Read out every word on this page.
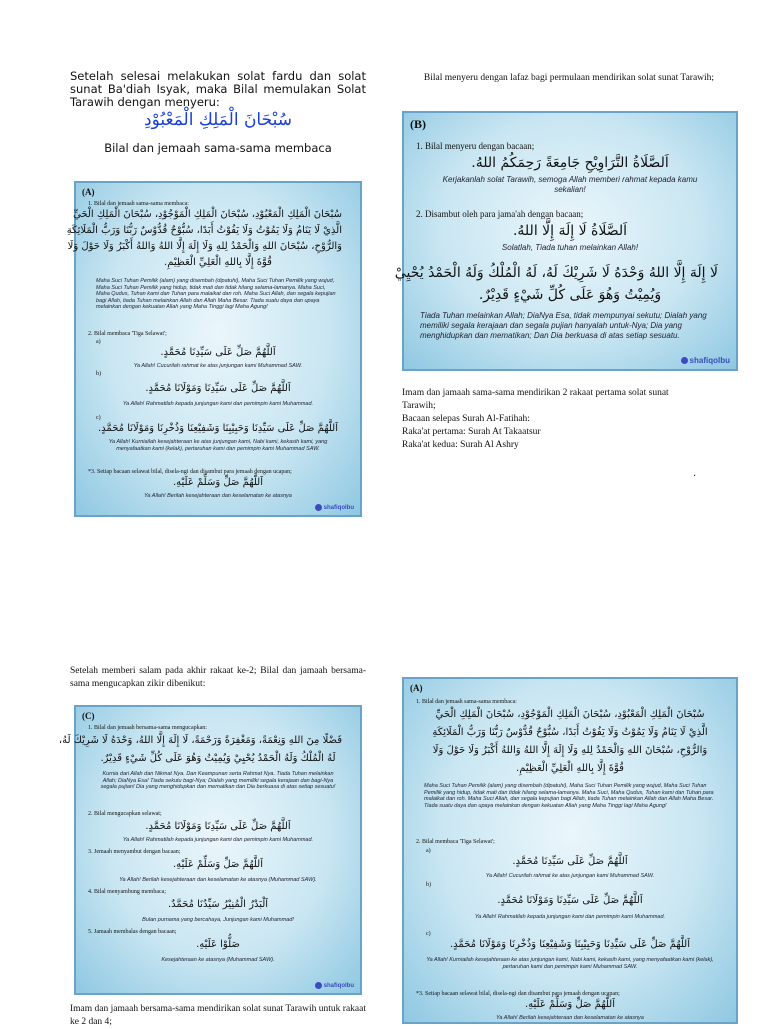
Setelah selesai melakukan solat fardu dan solat sunat Ba'diah Isyak, maka Bilal memulakan Solat Tarawih dengan menyeru:
سُبْحَانَ الْمَلِكِ الْمَعْبُوْدِ
Bilal dan jemaah sama-sama membaca
(A)
1. Bilal dan jemaah sama-sama membaca:
سُبْحَانَ الْمَلِكِ الْمَعْبُوْدِ، سُبْحَانَ الْمَلِكِ الْمَوْجُوْدِ، سُبْحَانَ الْمَلِكِ الْحَيِّ
الَّذِيْ لَا يَنَامُ وَلَا يَمُوْتُ وَلَا يَفُوْتُ أَبَدًا، سُبُّوْحٌ قُدُّوْسٌ رَبُّنَا وَرَبُّ الْمَلَائِكَةِ
وَالرُّوْحِ، سُبْحَانَ اللهِ وَالْحَمْدُ لِلهِ وَلَا إِلَهَ إِلَّا اللهُ وَاللهُ أَكْبَرُ وَلَا حَوْلَ وَلَا
قُوَّةَ إِلَّا بِاللهِ الْعَلِيِّ الْعَظِيْمِ.
Maha Suci Tuhan Pemilik (alam) yang disembah (dipatuhi), Maha Suci Tuhan Pemilik yang wujud, Maha Suci Tuhan Pemilik yang hidup, tidak mati dan tidak hilang selama-lamanya. Maha Suci, Maha Qudus, Tuhan kami dan Tuhan para malaikat dan roh. Maha Suci Allah, dan segala kepujian bagi Allah, tiada Tuhan melainkan Allah dan Allah Maha Besar. Tiada suatu daya dan upaya melainkan dengan kekuatan Allah yang Maha Tinggi lagi Maha Agung!
2. Bilal membaca 'Tiga Selawat';
a)
اَللَّهُمَّ صَلِّ عَلَى سَيِّدِنَا مُحَمَّدٍ.
Ya Allah! Cucurilah rahmat ke atas junjungan kami Muhammad SAW.
b)
اَللَّهُمَّ صَلِّ عَلَى سَيِّدِنَا وَمَوْلَانَا مُحَمَّدٍ.
Ya Allah! Rahmatilah kepada junjungan kami dan pemimpin kami Muhammad.
c)
اَللَّهُمَّ صَلِّ عَلَى سَيِّدِنَا وَحَبِيْبِنَا وَشَفِيْعِنَا وَذُخْرِنَا وَمَوْلَانَا مُحَمَّدٍ.
Ya Allah! Kurniailah kesejahteraan ke atas junjungan kami, Nabi kami, kekasih kami, yang menyafaatkan kami (kelak), pertaruhan kami dan pemimpin kami Muhammad SAW.
*3. Setiap bacaan selawat bilal, disela-ngi dan disambut para jemaah dengan ucapan;
اَللَّهُمَّ صَلِّ وَسَلِّمْ عَلَيْهِ.
Ya Allah! Berilah kesejahteraan dan keselamatan ke atasnya
shafiqolbu
Bilal menyeru dengan lafaz bagi permulaan mendirikan solat sunat Tarawih;
(B)
1. Bilal menyeru dengan bacaan;
اَلصَّلَاةُ التَّرَاوِيْحِ جَامِعَةً رَحِمَكُمُ اللهُ.
Kerjakanlah solat Tarawih, semoga Allah memberi rahmat kepada kamu sekalian!
2. Disambut oleh para jama'ah dengan bacaan;
اَلصَّلَاةُ لَا إِلَهَ إِلَّا اللهُ.
Solatlah, Tiada tuhan melainkan Allah!
لَا إِلَهَ إِلَّا اللهُ وَحْدَهُ لَا شَرِيْكَ لَهُ، لَهُ الْمُلْكُ وَلَهُ الْحَمْدُ يُحْيِيْ
وَيُمِيْتُ وَهُوَ عَلَى كُلِّ شَيْءٍ قَدِيْرٌ.
Tiada Tuhan melainkan Allah; DiaNya Esa, tidak mempunyai sekutu; Dialah yang memiliki segala kerajaan dan segala pujian hanyalah untuk-Nya; Dia yang menghidupkan dan mematikan; Dan Dia berkuasa di atas setiap sesuatu.
shafiqolbu
Imam dan jamaah sama-sama mendirikan 2 rakaat pertama solat sunat Tarawih;
Bacaan selepas Surah Al-Fatihah:
Raka'at pertama: Surah At Takaatsur
Raka'at kedua: Surah Al Ashry
.
Setelah memberi salam pada akhir rakaat ke-2; Bilal dan jamaah bersama-sama mengucapkan zikir dibenikut:
(C)
1. Bilal dan jemaah bersama-sama mengucapkan:
فَضْلًا مِنَ اللهِ وَنِعْمَةً، وَمَغْفِرَةً وَرَحْمَةً، لَا إِلَهَ إِلَّا اللهُ، وَحْدَهُ لَا شَرِيْكَ لَهُ،
لَهُ الْمُلْكُ وَلَهُ الْحَمْدُ يُحْيِيْ وَيُمِيْتُ وَهُوَ عَلَى كُلِّ شَيْءٍ قَدِيْرٌ.
Kurnia dari Allah dan Nikmat Nya. Dan Keampunan serta Rahmat Nya. Tiada Tuhan melainkan Allah; DiaNya Esa! Tiada sekutu bagi-Nya; Dialah yang memiliki segala kerajaan dan bagi-Nya segala pujian! Dia yang menghidupkan dan mematikan dan Dia berkuasa di atas setiap sesuatu!
2. Bilal mengucapkan selawat;
اَللَّهُمَّ صَلِّ عَلَى سَيِّدِنَا وَمَوْلَانَا مُحَمَّدٍ.
Ya Allah! Rahmatilah kepada junjungan kami dan pemimpin kami Muhammad.
3. Jemaah menyambut dengan bacaan;
اَللَّهُمَّ صَلِّ وَسَلِّمْ عَلَيْهِ.
Ya Allah! Berilah kesejahteraan dan keselamatan ke atasnya (Muhammad SAW).
4. Bilal menyambung membaca;
اَلْبَدْرُ الْمُنِيْرُ سَيِّدُنَا مُحَمَّدٌ.
Bulan purnama yang bercahaya, Junjungan kami Muhammad!
5. Jamaah membalas dengan bacaan;
صَلُّوْا عَلَيْهِ.
Kesejahteraan ke atasnya (Muhammad SAW).
shafiqolbu
Imam dan jamaah bersama-sama mendirikan solat sunat Tarawih untuk rakaat ke 2 dan 4;
(A)
1. Bilal dan jemaah sama-sama membaca:
سُبْحَانَ الْمَلِكِ الْمَعْبُوْدِ، سُبْحَانَ الْمَلِكِ الْمَوْجُوْدِ، سُبْحَانَ الْمَلِكِ الْحَيِّ
الَّذِيْ لَا يَنَامُ وَلَا يَمُوْتُ وَلَا يَفُوْتُ أَبَدًا، سُبُّوْحٌ قُدُّوْسٌ رَبُّنَا وَرَبُّ الْمَلَائِكَةِ
وَالرُّوْحِ، سُبْحَانَ اللهِ وَالْحَمْدُ لِلهِ وَلَا إِلَهَ إِلَّا اللهُ وَاللهُ أَكْبَرُ وَلَا حَوْلَ وَلَا
قُوَّةَ إِلَّا بِاللهِ الْعَلِيِّ الْعَظِيْمِ.
Maha Suci Tuhan Pemilik (alam) yang disembah (dipatuhi), Maha Suci Tuhan Pemilik yang wujud, Maha Suci Tuhan Pemilik yang hidup, tidak mati dan tidak hilang selama-lamanya. Maha Suci, Maha Qudus, Tuhan kami dan Tuhan para malaikat dan roh. Maha Suci Allah, dan segala kepujian bagi Allah, tiada Tuhan melainkan Allah dan Allah Maha Besar. Tiada suatu daya dan upaya melainkan dengan kekuatan Allah yang Maha Tinggi lagi Maha Agung!
2. Bilal membaca 'Tiga Selawat';
a)
اَللَّهُمَّ صَلِّ عَلَى سَيِّدِنَا مُحَمَّدٍ.
Ya Allah! Cucurilah rahmat ke atas junjungan kami Muhammad SAW.
b)
اَللَّهُمَّ صَلِّ عَلَى سَيِّدِنَا وَمَوْلَانَا مُحَمَّدٍ.
Ya Allah! Rahmatilah kepada junjungan kami dan pemimpin kami Muhammad.
c)
اَللَّهُمَّ صَلِّ عَلَى سَيِّدِنَا وَحَبِيْبِنَا وَشَفِيْعِنَا وَذُخْرِنَا وَمَوْلَانَا مُحَمَّدٍ.
Ya Allah! Kurniailah kesejahteraan ke atas junjungan kami, Nabi kami, kekasih kami, yang menyafaatkan kami (kelak), pertaruhan kami dan pemimpin kami Muhammad SAW.
*3. Setiap bacaan selawat bilal, disela-ngi dan disambut para jemaah dengan ucapan;
اَللَّهُمَّ صَلِّ وَسَلِّمْ عَلَيْهِ.
Ya Allah! Berilah kesejahteraan dan keselamatan ke atasnya
